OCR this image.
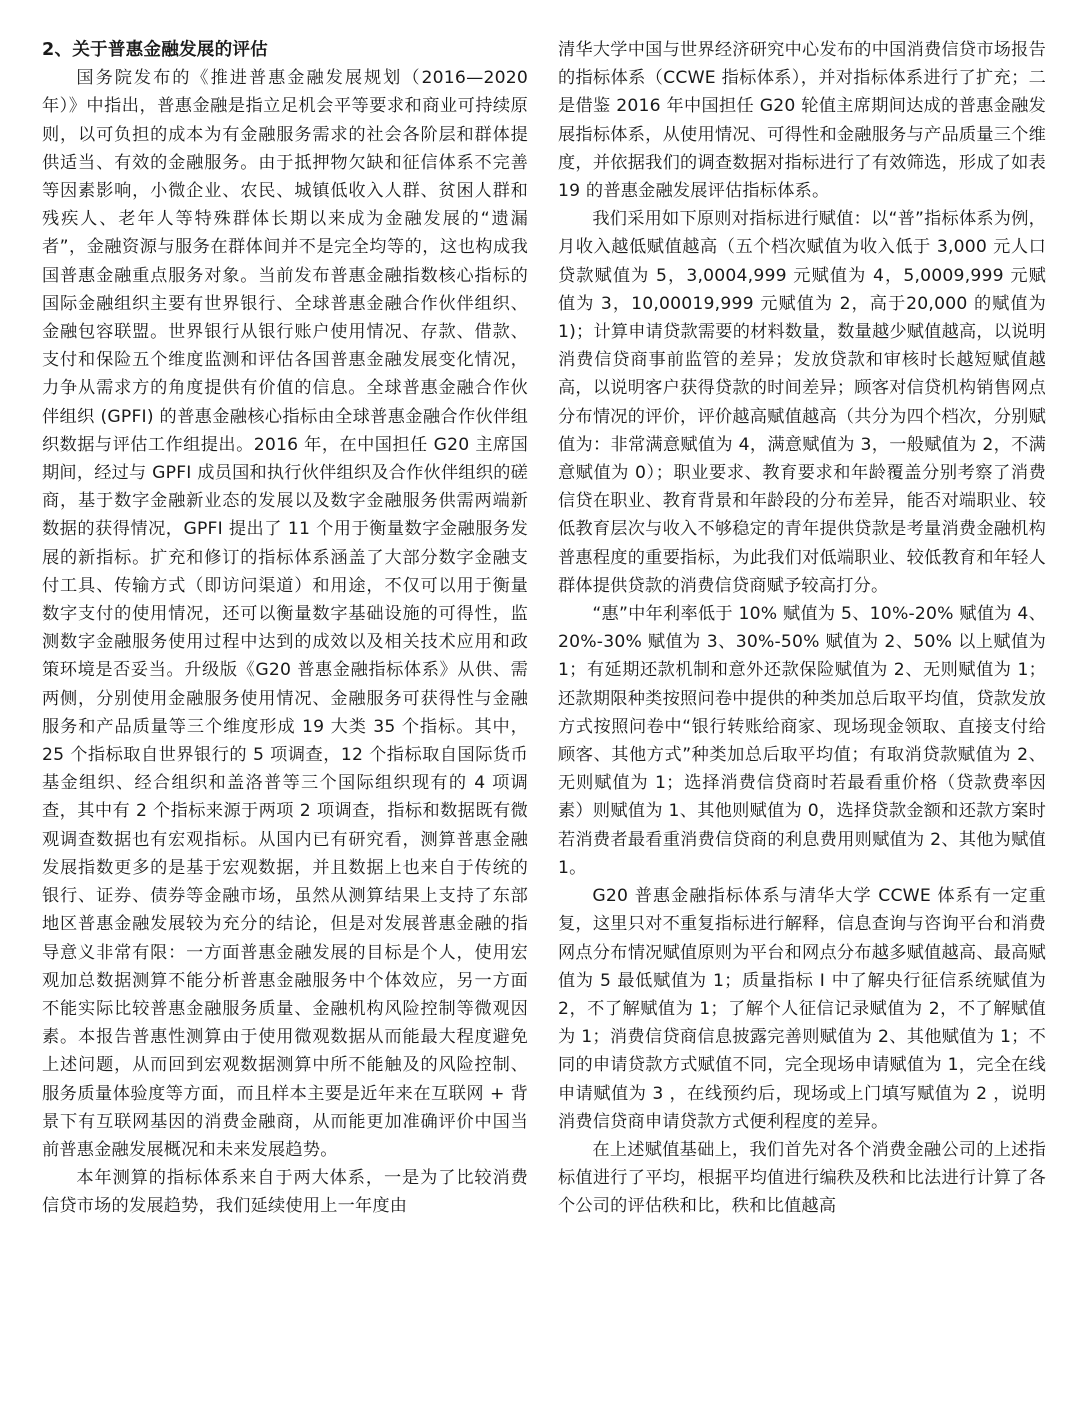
2、关于普惠金融发展的评估

国务院发布的《推进普惠金融发展规划（2016—2020 年）》中指出，普惠金融是指立足机会平等要求和商业可持续原则，以可负担的成本为有金融服务需求的社会各阶层和群体提供适当、有效的金融服务。由于抵押物欠缺和征信体系不完善等因素影响，小微企业、农民、城镇低收入人群、贫困人群和残疾人、老年人等特殊群体长期以来成为金融发展的“遗漏者”，金融资源与服务在群体间并不是完全均等的，这也构成我国普惠金融重点服务对象。当前发布普惠金融指数核心指标的国际金融组织主要有世界银行、全球普惠金融合作伙伴组织、金融包容联盟。世界银行从银行账户使用情况、存款、借款、支付和保险五个维度监测和评估各国普惠金融发展变化情况，力争从需求方的角度提供有价值的信息。全球普惠金融合作伙伴组织 (GPFI) 的普惠金融核心指标由全球普惠金融合作伙伴组织数据与评估工作组提出。2016 年，在中国担任 G20 主席国期间，经过与 GPFI 成员国和执行伙伴组织及合作伙伴组织的磋商，基于数字金融新业态的发展以及数字金融服务供需两端新数据的获得情况，GPFI 提出了 11 个用于衡量数字金融服务发展的新指标。扩充和修订的指标体系涵盖了大部分数字金融支付工具、传输方式（即访问渠道）和用途，不仅可以用于衡量数字支付的使用情况，还可以衡量数字基础设施的可得性，监测数字金融服务使用过程中达到的成效以及相关技术应用和政策环境是否妥当。升级版《G20 普惠金融指标体系》从供、需两侧，分别使用金融服务使用情况、金融服务可获得性与金融服务和产品质量等三个维度形成 19 大类 35 个指标。其中，25 个指标取自世界银行的 5 项调查，12 个指标取自国际货币基金组织、经合组织和盖洛普等三个国际组织现有的 4 项调查，其中有 2 个指标来源于两项 2 项调查，指标和数据既有微观调查数据也有宏观指标。从国内已有研究看，测算普惠金融发展指数更多的是基于宏观数据，并且数据上也来自于传统的银行、证券、债券等金融市场，虽然从测算结果上支持了东部地区普惠金融发展较为充分的结论，但是对发展普惠金融的指导意义非常有限：一方面普惠金融发展的目标是个人，使用宏观加总数据测算不能分析普惠金融服务中个体效应，另一方面不能实际比较普惠金融服务质量、金融机构风险控制等微观因素。本报告普惠性测算由于使用微观数据从而能最大程度避免上述问题，从而回到宏观数据测算中所不能触及的风险控制、服务质量体验度等方面，而且样本主要是近年来在互联网 + 背景下有互联网基因的消费金融商，从而能更加准确评价中国当前普惠金融发展概况和未来发展趋势。

本年测算的指标体系来自于两大体系，一是为了比较消费信贷市场的发展趋势，我们延续使用上一年度由

清华大学中国与世界经济研究中心发布的中国消费信贷市场报告的指标体系（CCWE 指标体系），并对指标体系进行了扩充；二是借鉴 2016 年中国担任 G20 轮值主席期间达成的普惠金融发展指标体系，从使用情况、可得性和金融服务与产品质量三个维度，并依据我们的调查数据对指标进行了有效筛选，形成了如表 19 的普惠金融发展评估指标体系。

我们采用如下原则对指标进行赋值：以“普”指标体系为例，月收入越低赋值越高（五个档次赋值为收入低于 3,000 元人口贷款赋值为 5，3,0004,999 元赋值为 4，5,0009,999 元赋值为 3，10,00019,999 元赋值为 2，高于20,000 的赋值为1)；计算申请贷款需要的材料数量，数量越少赋值越高，以说明消费信贷商事前监管的差异；发放贷款和审核时长越短赋值越高，以说明客户获得贷款的时间差异；顾客对信贷机构销售网点分布情况的评价，评价越高赋值越高（共分为四个档次，分别赋值为：非常满意赋值为 4，满意赋值为 3，一般赋值为 2，不满意赋值为 0）；职业要求、教育要求和年龄覆盖分别考察了消费信贷在职业、教育背景和年龄段的分布差异，能否对端职业、较低教育层次与收入不够稳定的青年提供贷款是考量消费金融机构普惠程度的重要指标，为此我们对低端职业、较低教育和年轻人群体提供贷款的消费信贷商赋予较高打分。

“惠”中年利率低于 10% 赋值为 5、10%-20% 赋值为 4、20%-30% 赋值为 3、30%-50% 赋值为 2、50% 以上赋值为 1；有延期还款机制和意外还款保险赋值为 2、无则赋值为 1；还款期限种类按照问卷中提供的种类加总后取平均值，贷款发放方式按照问卷中“银行转账给商家、现场现金领取、直接支付给顾客、其他方式”种类加总后取平均值；有取消贷款赋值为 2、无则赋值为 1；选择消费信贷商时若最看重价格（贷款费率因素）则赋值为 1、其他则赋值为 0，选择贷款金额和还款方案时若消费者最看重消费信贷商的利息费用则赋值为 2、其他为赋值 1。

G20 普惠金融指标体系与清华大学 CCWE 体系有一定重复，这里只对不重复指标进行解释，信息查询与咨询平台和消费网点分布情况赋值原则为平台和网点分布越多赋值越高、最高赋值为 5 最低赋值为 1；质量指标 Ⅰ 中了解央行征信系统赋值为 2，不了解赋值为 1；了解个人征信记录赋值为 2，不了解赋值为 1；消费信贷商信息披露完善则赋值为 2、其他赋值为 1；不同的申请贷款方式赋值不同，完全现场申请赋值为 1，完全在线申请赋值为 3 ，在线预约后，现场或上门填写赋值为 2 ，说明消费信贷商申请贷款方式便利程度的差异。

在上述赋值基础上，我们首先对各个消费金融公司的上述指标值进行了平均，根据平均值进行编秩及秩和比法进行计算了各个公司的评估秩和比，秩和比值越高
